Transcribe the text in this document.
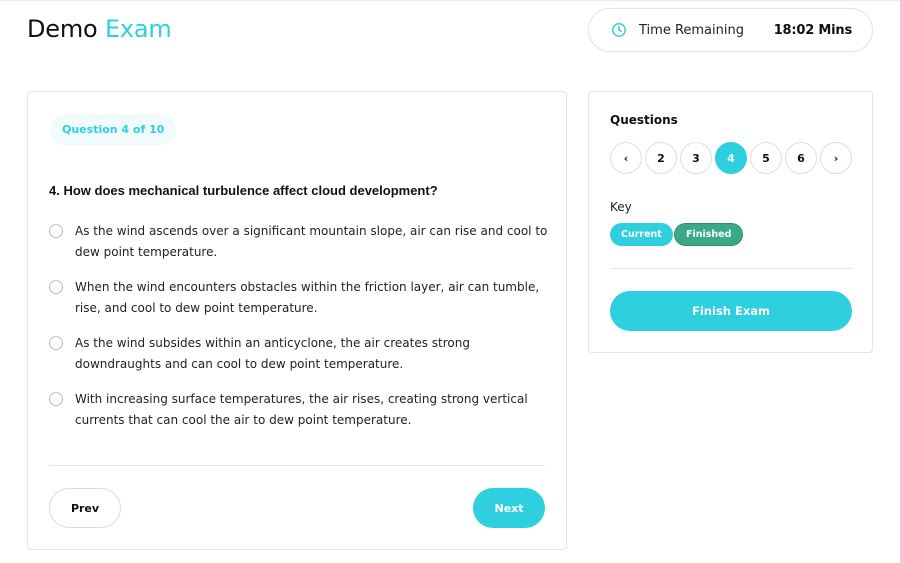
Demo Exam	Time Remaining 18:02 Mins
Question 4 of 10
4. How does mechanical turbulence affect cloud development?
As the wind ascends over a significant mountain slope, air can rise and cool to dew point temperature.
When the wind encounters obstacles within the friction layer, air can tumble, rise, and cool to dew point temperature.
As the wind subsides within an anticyclone, the air creates strong downdraughts and can cool to dew point temperature.
With increasing surface temperatures, the air rises, creating strong vertical currents that can cool the air to dew point temperature.
Prev	Next
Questions
‹	2	3	4	5	6	›
Key
Current	Finished
Finish Exam
